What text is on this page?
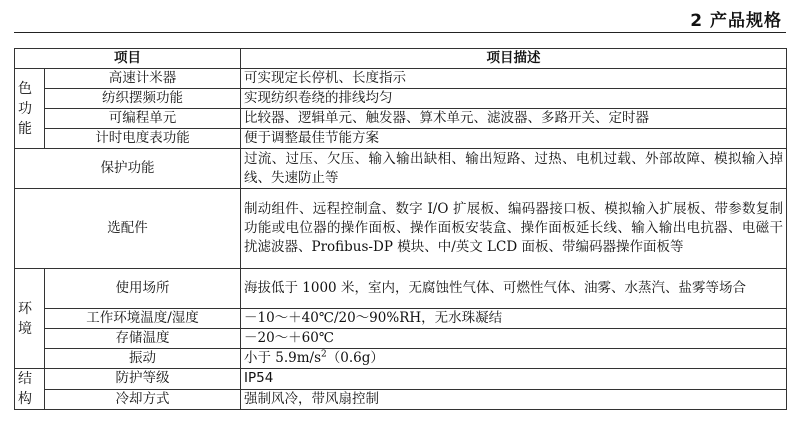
2 产品规格
项目		项目描述

色
功
能	高速计米器	可实现定长停机、长度指示
	纺织摆频功能	实现纺织卷绕的排线均匀
	可编程单元	比较器、逻辑单元、触发器、算术单元、滤波器、多路开关、定时器
	计时电度表功能	便于调整最佳节能方案
保护功能		过流、过压、欠压、输入输出缺相、输出短路、过热、电机过载、外部故障、模拟输入掉线、失速防止等
选配件		制动组件、远程控制盒、数字 I/O 扩展板、编码器接口板、模拟输入扩展板、带参数复制功能或电位器的操作面板、操作面板安装盒、操作面板延长线、输入输出电抗器、电磁干扰滤波器、Profibus-DP 模块、中/英文 LCD 面板、带编码器操作面板等

环
境	使用场所	海拔低于 1000 米，室内，无腐蚀性气体、可燃性气体、油雾、水蒸汽、盐雾等场合
	工作环境温度/湿度	－10～＋40℃/20～90%RH，无水珠凝结
	存储温度	－20～＋60℃
	振动	小于 $5.9m/s^2(0.6g)$

结
构	防护等级	IP54
	冷却方式	强制风冷，带风扇控制
